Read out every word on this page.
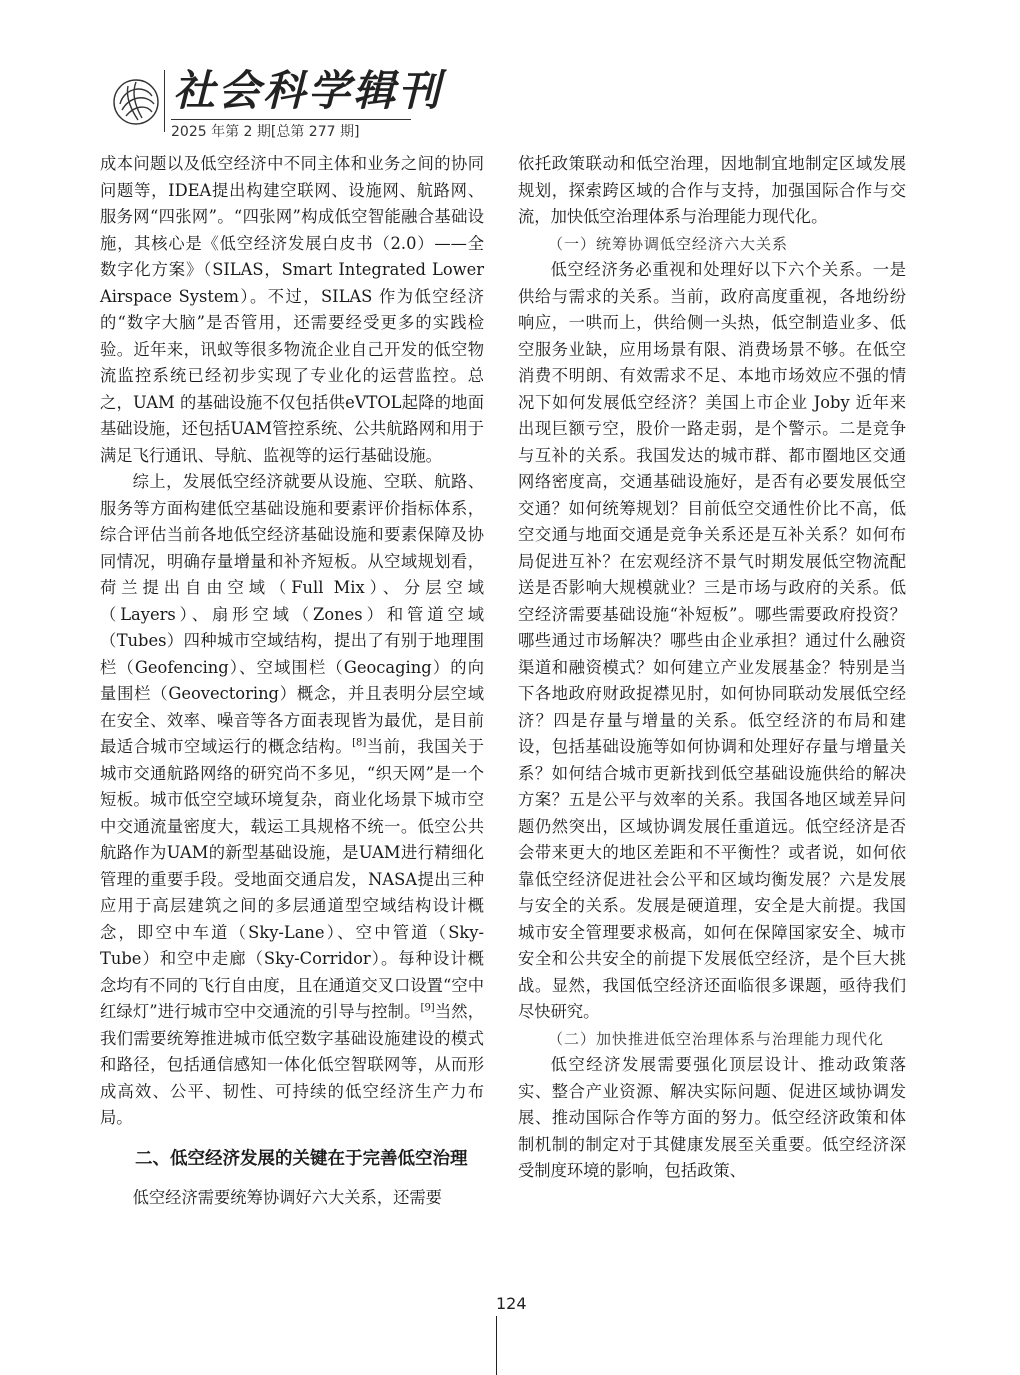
社会科学辑刊
2025 年第 2 期[总第 277 期]

成本问题以及低空经济中不同主体和业务之间的协同问题等，IDEA提出构建空联网、设施网、航路网、服务网“四张网”。“四张网”构成低空智能融合基础设施，其核心是《低空经济发展白皮书（2.0）——全数字化方案》（SILAS，Smart Integrated Lower Airspace System）。不过，SILAS 作为低空经济的“数字大脑”是否管用，还需要经受更多的实践检验。近年来，讯蚁等很多物流企业自己开发的低空物流监控系统已经初步实现了专业化的运营监控。总之，UAM 的基础设施不仅包括供eVTOL起降的地面基础设施，还包括UAM管控系统、公共航路网和用于满足飞行通讯、导航、监视等的运行基础设施。

综上，发展低空经济就要从设施、空联、航路、服务等方面构建低空基础设施和要素评价指标体系，综合评估当前各地低空经济基础设施和要素保障及协同情况，明确存量增量和补齐短板。从空域规划看，荷兰提出自由空域（Full Mix）、分层空域（Layers）、扇形空域（Zones）和管道空域（Tubes）四种城市空域结构，提出了有别于地理围栏（Geofencing）、空域围栏（Geocaging）的向量围栏（Geovectoring）概念，并且表明分层空域在安全、效率、噪音等各方面表现皆为最优，是目前最适合城市空域运行的概念结构。[8]当前，我国关于城市交通航路网络的研究尚不多见，“织天网”是一个短板。城市低空空域环境复杂，商业化场景下城市空中交通流量密度大，载运工具规格不统一。低空公共航路作为UAM的新型基础设施，是UAM进行精细化管理的重要手段。受地面交通启发，NASA提出三种应用于高层建筑之间的多层通道型空域结构设计概念，即空中车道（Sky-Lane）、空中管道（Sky-Tube）和空中走廊（Sky-Corridor）。每种设计概念均有不同的飞行自由度，且在通道交叉口设置“空中红绿灯”进行城市空中交通流的引导与控制。[9]当然，我们需要统筹推进城市低空数字基础设施建设的模式和路径，包括通信感知一体化低空智联网等，从而形成高效、公平、韧性、可持续的低空经济生产力布局。

二、低空经济发展的关键在于完善低空治理

低空经济需要统筹协调好六大关系，还需要

依托政策联动和低空治理，因地制宜地制定区域发展规划，探索跨区域的合作与支持，加强国际合作与交流，加快低空治理体系与治理能力现代化。

（一）统筹协调低空经济六大关系

低空经济务必重视和处理好以下六个关系。一是供给与需求的关系。当前，政府高度重视，各地纷纷响应，一哄而上，供给侧一头热，低空制造业多、低空服务业缺，应用场景有限、消费场景不够。在低空消费不明朗、有效需求不足、本地市场效应不强的情况下如何发展低空经济？美国上市企业 Joby 近年来出现巨额亏空，股价一路走弱，是个警示。二是竞争与互补的关系。我国发达的城市群、都市圈地区交通网络密度高，交通基础设施好，是否有必要发展低空交通？如何统筹规划？目前低空交通性价比不高，低空交通与地面交通是竞争关系还是互补关系？如何布局促进互补？在宏观经济不景气时期发展低空物流配送是否影响大规模就业？三是市场与政府的关系。低空经济需要基础设施“补短板”。哪些需要政府投资？哪些通过市场解决？哪些由企业承担？通过什么融资渠道和融资模式？如何建立产业发展基金？特别是当下各地政府财政捉襟见肘，如何协同联动发展低空经济？四是存量与增量的关系。低空经济的布局和建设，包括基础设施等如何协调和处理好存量与增量关系？如何结合城市更新找到低空基础设施供给的解决方案？五是公平与效率的关系。我国各地区域差异问题仍然突出，区域协调发展任重道远。低空经济是否会带来更大的地区差距和不平衡性？或者说，如何依靠低空经济促进社会公平和区域均衡发展？六是发展与安全的关系。发展是硬道理，安全是大前提。我国城市安全管理要求极高，如何在保障国家安全、城市安全和公共安全的前提下发展低空经济，是个巨大挑战。显然，我国低空经济还面临很多课题，亟待我们尽快研究。

（二）加快推进低空治理体系与治理能力现代化

低空经济发展需要强化顶层设计、推动政策落实、整合产业资源、解决实际问题、促进区域协调发展、推动国际合作等方面的努力。低空经济政策和体制机制的制定对于其健康发展至关重要。低空经济深受制度环境的影响，包括政策、

124
